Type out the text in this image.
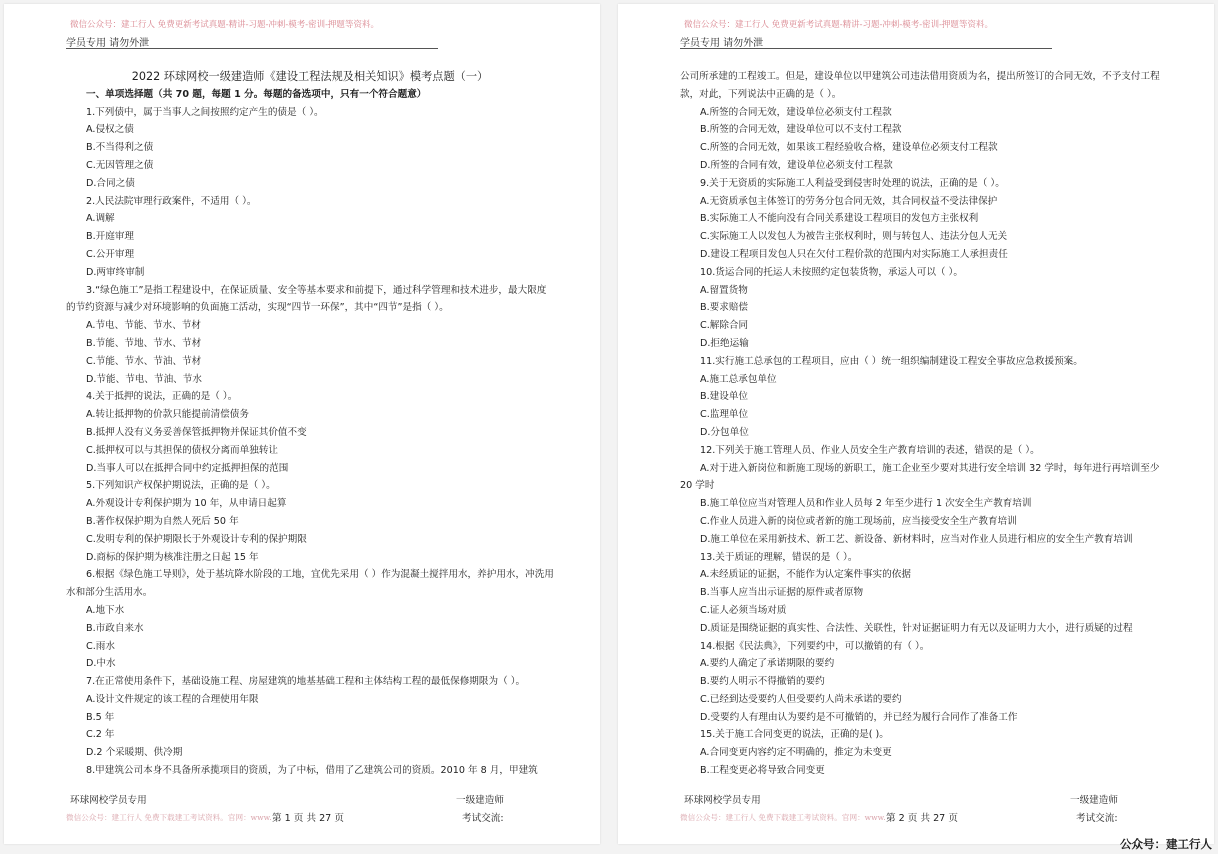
微信公众号：建工行人 免费更新考试真题-精讲-习题-冲刺-模考-密训-押题等资料。
学员专用 请勿外泄

2022 环球网校一级建造师《建设工程法规及相关知识》模考点题（一）

一、单项选择题（共 70 题，每题 1 分。每题的备选项中，只有一个符合题意）

1.下列债中，属于当事人之间按照约定产生的债是（ ）。

A.侵权之债

B.不当得利之债

C.无因管理之债

D.合同之债

2.人民法院审理行政案件，不适用（ ）。

A.调解

B.开庭审理

C.公开审理

D.两审终审制

3.“绿色施工”是指工程建设中，在保证质量、安全等基本要求和前提下，通过科学管理和技术进步，最大限度的节约资源与减少对环境影响的负面施工活动，实现“四节一环保”，其中“四节”是指（ ）。

A.节电、节能、节水、节材

B.节能、节地、节水、节材

C.节能、节水、节油、节材

D.节能、节电、节油、节水

4.关于抵押的说法，正确的是（ ）。

A.转让抵押物的价款只能提前清偿债务

B.抵押人没有义务妥善保管抵押物并保证其价值不变

C.抵押权可以与其担保的债权分离而单独转让

D.当事人可以在抵押合同中约定抵押担保的范围

5.下列知识产权保护期说法，正确的是（ ）。

A.外观设计专利保护期为 10 年，从申请日起算

B.著作权保护期为自然人死后 50 年

C.发明专利的保护期限长于外观设计专利的保护期限

D.商标的保护期为核准注册之日起 15 年

6.根据《绿色施工导则》，处于基坑降水阶段的工地，宜优先采用（ ）作为混凝土搅拌用水，养护用水，冲洗用水和部分生活用水。

A.地下水

B.市政自来水

C.雨水

D.中水

7.在正常使用条件下，基础设施工程、房屋建筑的地基基础工程和主体结构工程的最低保修期限为（ ）。

A.设计文件规定的该工程的合理使用年限

B.5 年

C.2 年

D.2 个采暖期、供冷期

8.甲建筑公司本身不具备所承揽项目的资质，为了中标，借用了乙建筑公司的资质。2010 年 8 月，甲建筑

环球网校学员专用	一级建造师
微信公众号：建工行人 免费下载建工考试资料。官网：www. 第 1 页 共 27 页	考试交流:
微信公众号：建工行人 免费更新考试真题-精讲-习题-冲刺-模考-密训-押题等资料。
学员专用 请勿外泄

公司所承建的工程竣工。但是，建设单位以甲建筑公司违法借用资质为名，提出所签订的合同无效，不予支付工程款，对此，下列说法中正确的是（ ）。

A.所签的合同无效，建设单位必须支付工程款

B.所签的合同无效，建设单位可以不支付工程款

C.所签的合同无效，如果该工程经验收合格，建设单位必须支付工程款

D.所签的合同有效，建设单位必须支付工程款

9.关于无资质的实际施工人利益受到侵害时处理的说法，正确的是（ ）。

A.无资质承包主体签订的劳务分包合同无效，其合同权益不受法律保护

B.实际施工人不能向没有合同关系建设工程项目的发包方主张权利

C.实际施工人以发包人为被告主张权利时，则与转包人、违法分包人无关

D.建设工程项目发包人只在欠付工程价款的范围内对实际施工人承担责任

10.货运合同的托运人未按照约定包装货物，承运人可以（ ）。

A.留置货物

B.要求赔偿

C.解除合同

D.拒绝运输

11.实行施工总承包的工程项目，应由（ ）统一组织编制建设工程安全事故应急救援预案。

A.施工总承包单位

B.建设单位

C.监理单位

D.分包单位

12.下列关于施工管理人员、作业人员安全生产教育培训的表述，错误的是（ ）。

A.对于进入新岗位和新施工现场的新职工，施工企业至少要对其进行安全培训 32 学时，每年进行再培训至少 20 学时

B.施工单位应当对管理人员和作业人员每 2 年至少进行 1 次安全生产教育培训

C.作业人员进入新的岗位或者新的施工现场前，应当接受安全生产教育培训

D.施工单位在采用新技术、新工艺、新设备、新材料时，应当对作业人员进行相应的安全生产教育培训

13.关于质证的理解，错误的是（ ）。

A.未经质证的证据，不能作为认定案件事实的依据

B.当事人应当出示证据的原件或者原物

C.证人必须当场对质

D.质证是围绕证据的真实性、合法性、关联性，针对证据证明力有无以及证明力大小，进行质疑的过程

14.根据《民法典》，下列要约中，可以撤销的有（ ）。

A.要约人确定了承诺期限的要约

B.要约人明示不得撤销的要约

C.已经到达受要约人但受要约人尚未承诺的要约

D.受要约人有理由认为要约是不可撤销的，并已经为履行合同作了准备工作

15.关于施工合同变更的说法，正确的是( )。

A.合同变更内容约定不明确的，推定为未变更

B.工程变更必将导致合同变更

环球网校学员专用	一级建造师
微信公众号：建工行人 免费下载建工考试资料。官网：www. 第 2 页 共 27 页	考试交流:
公众号：建工行人
